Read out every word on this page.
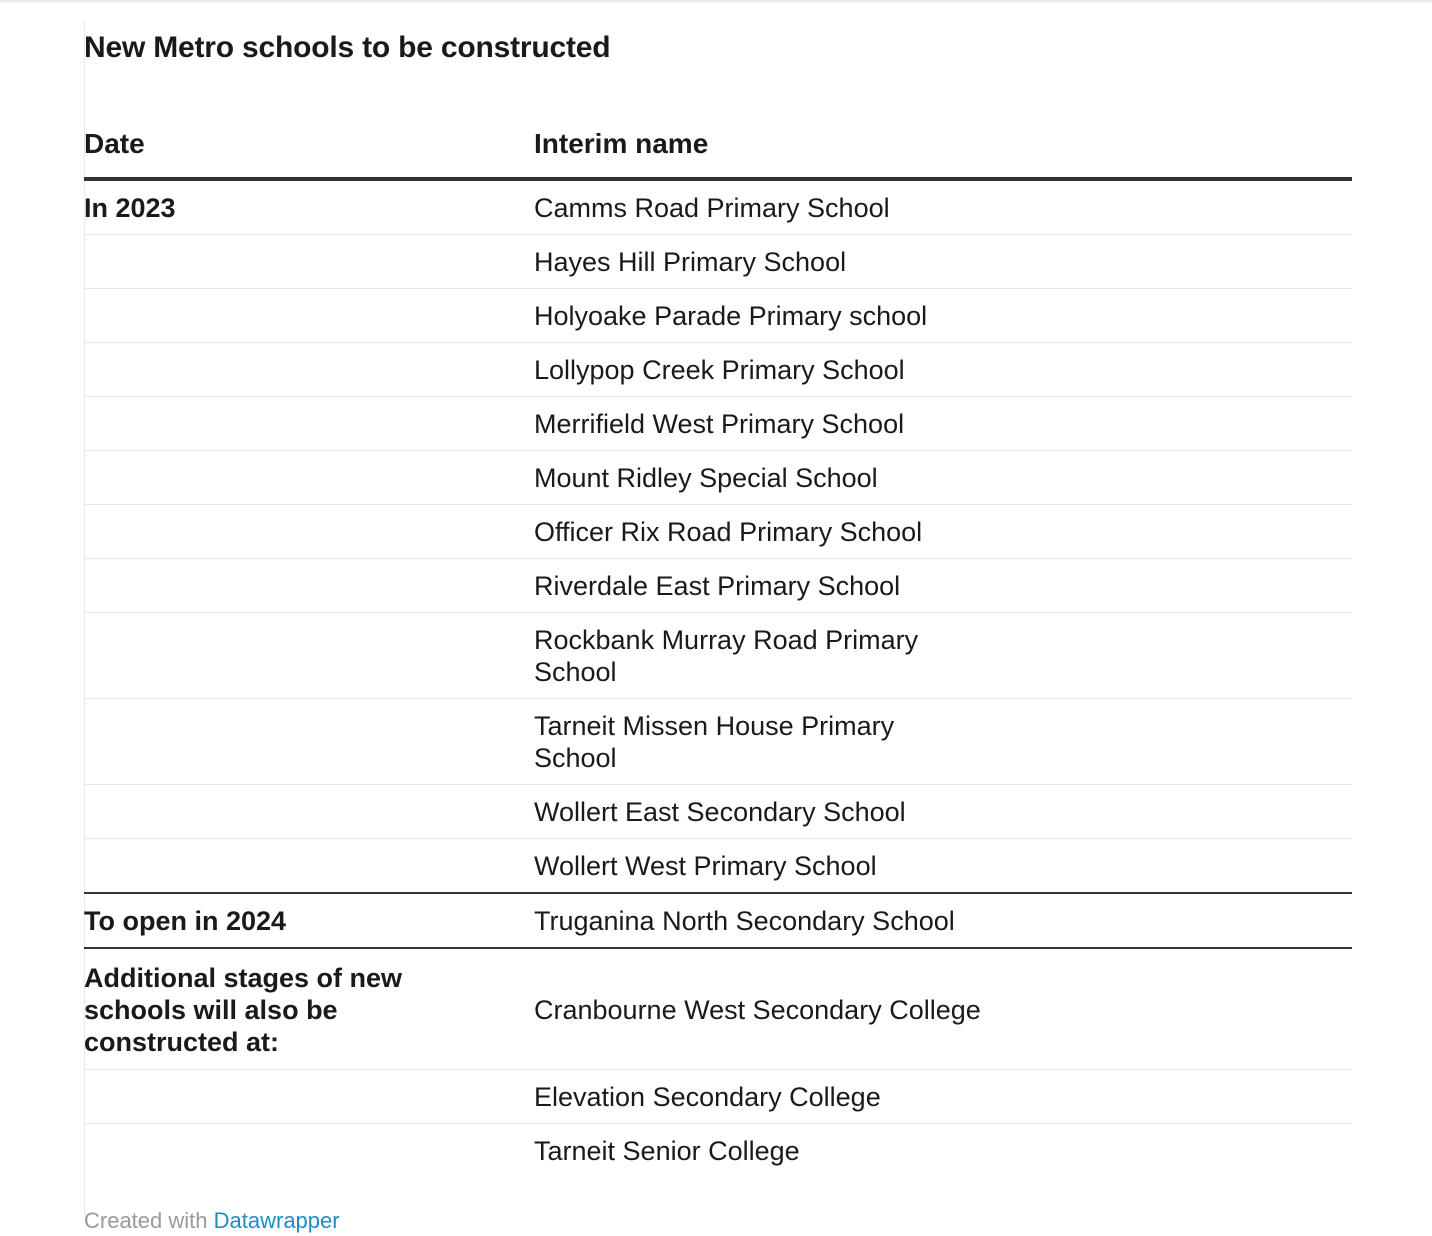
New Metro schools to be constructed
Date	Interim name
In 2023	Camms Road Primary School
	Hayes Hill Primary School
	Holyoake Parade Primary school
	Lollypop Creek Primary School
	Merrifield West Primary School
	Mount Ridley Special School
	Officer Rix Road Primary School
	Riverdale East Primary School
	Rockbank Murray Road Primary School
	Tarneit Missen House Primary School
	Wollert East Secondary School
	Wollert West Primary School
To open in 2024	Truganina North Secondary School
Additional stages of new schools will also be constructed at:	Cranbourne West Secondary College
	Elevation Secondary College
	Tarneit Senior College
Created with Datawrapper
